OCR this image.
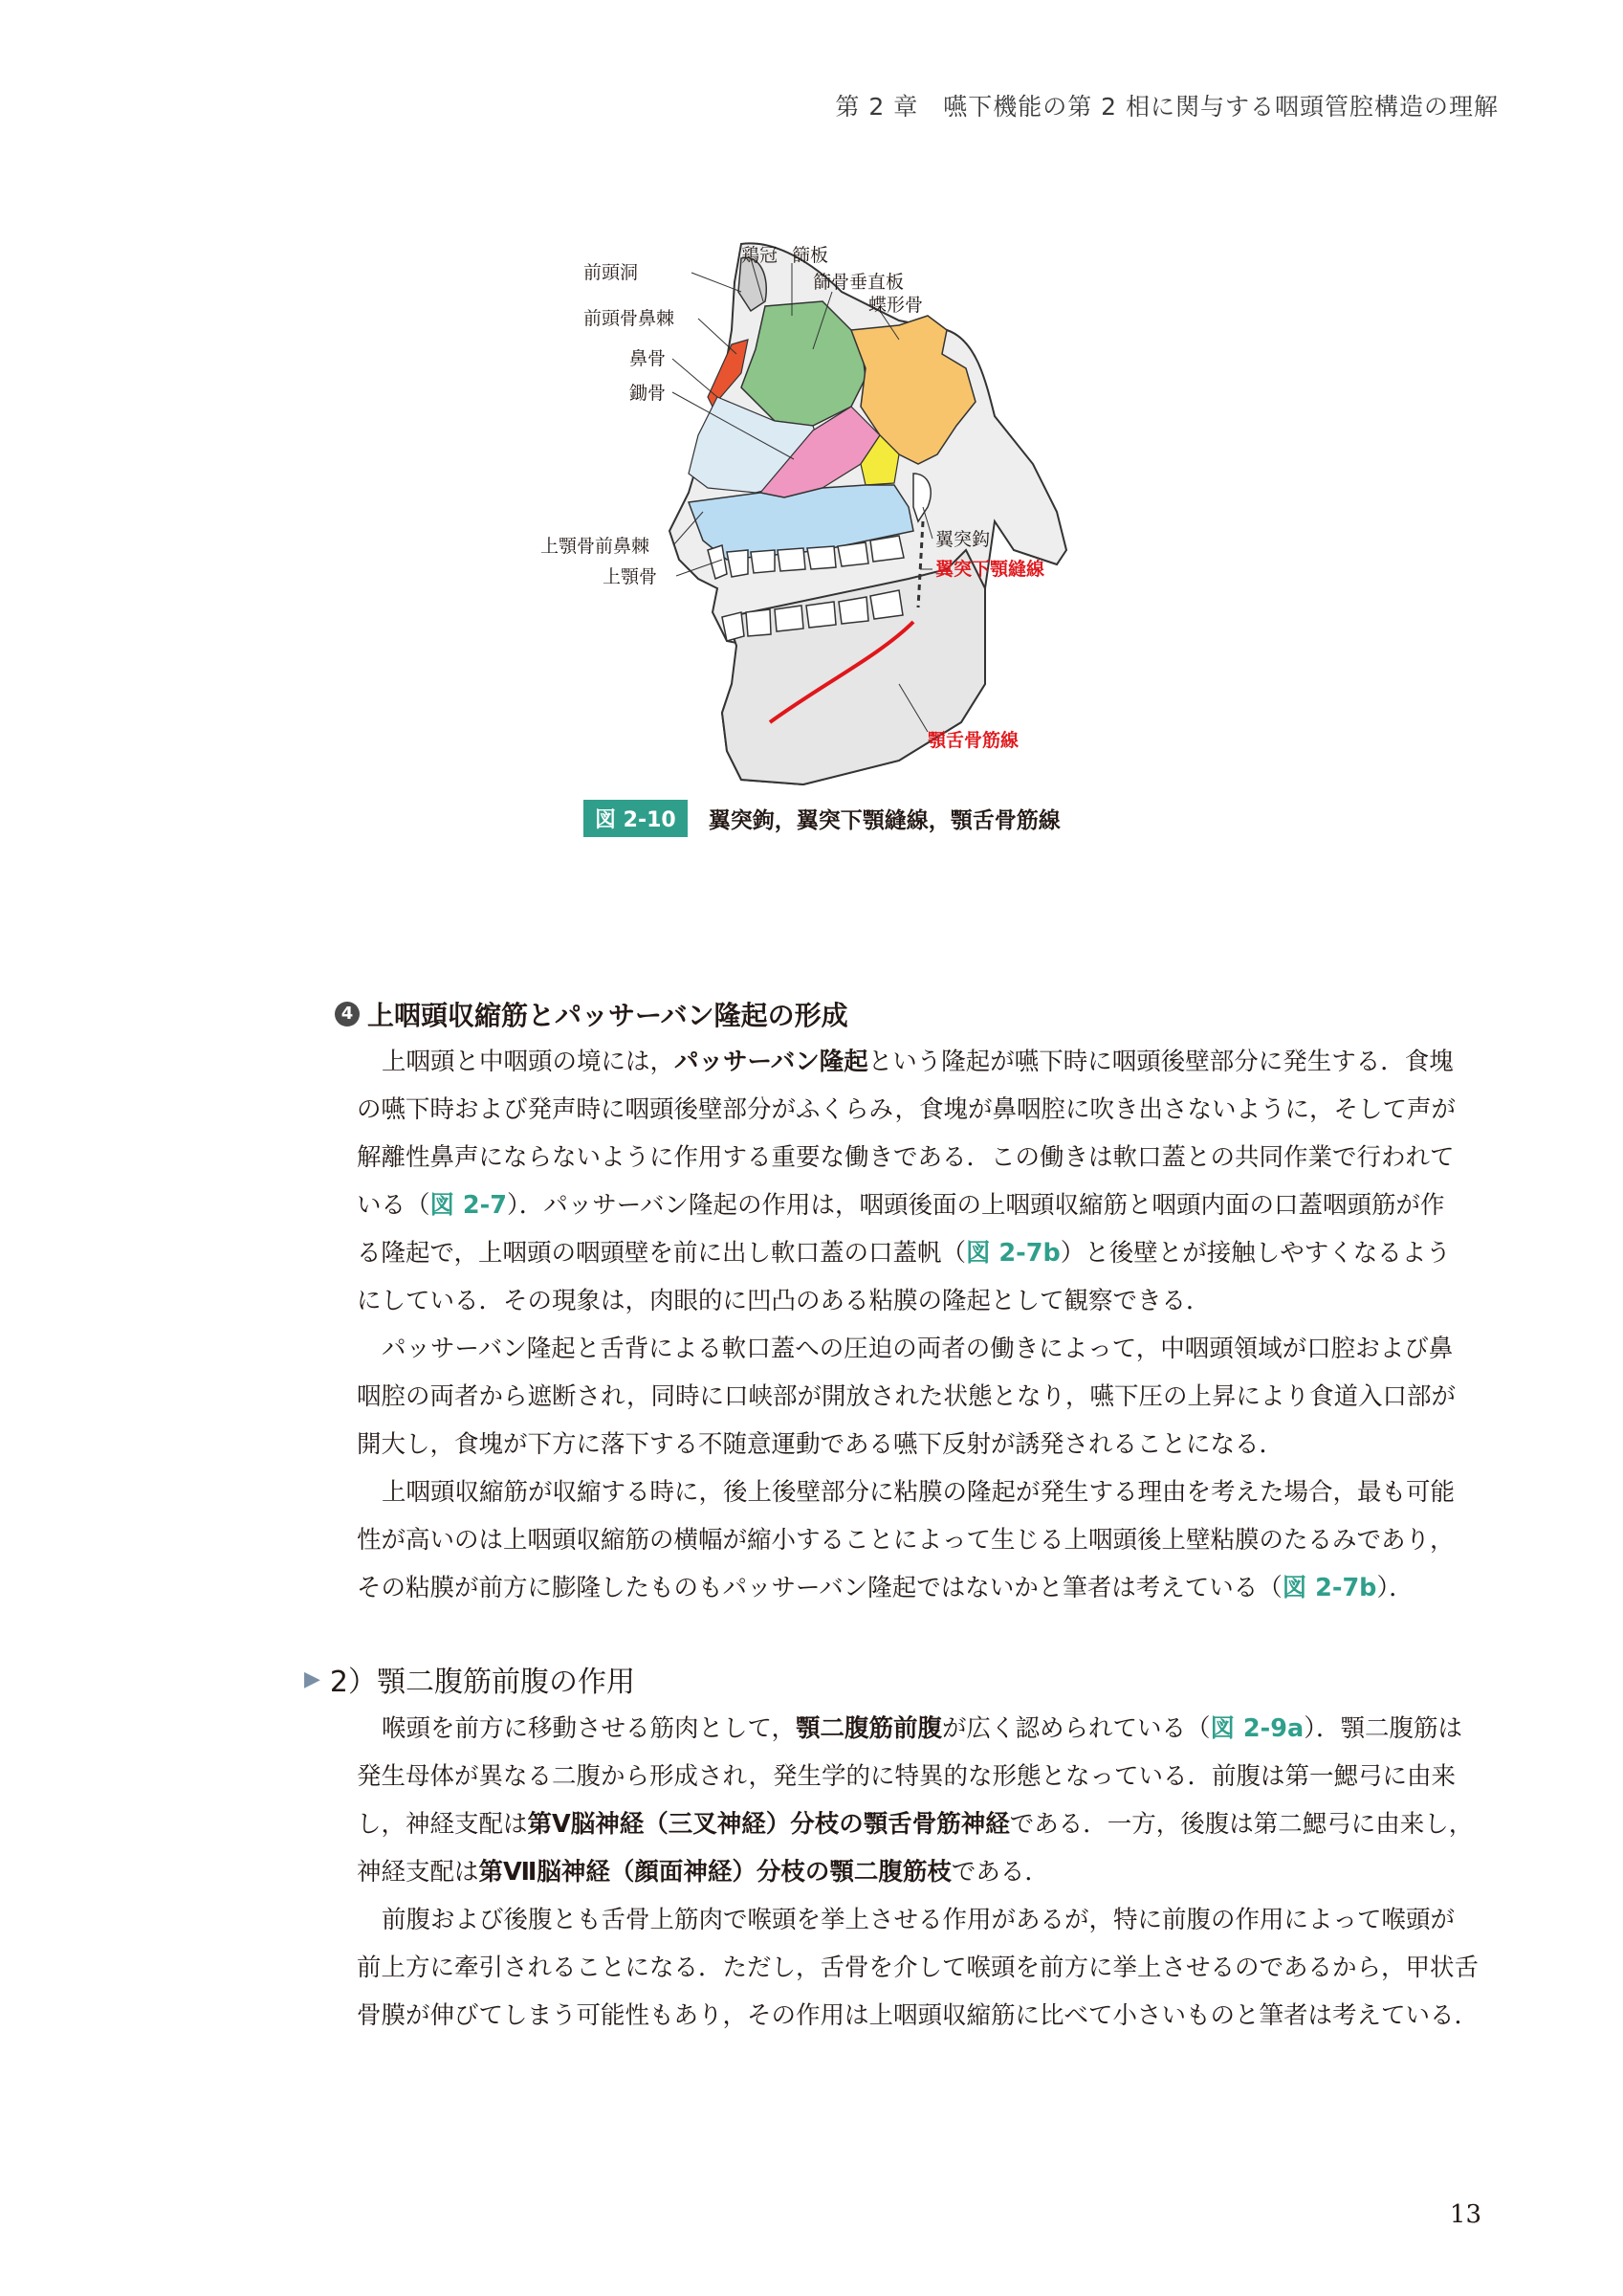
第 2 章　嚥下機能の第 2 相に関与する咽頭管腔構造の理解
前頭洞
鶏冠 篩板
篩骨垂直板
蝶形骨
前頭骨鼻棘
鼻骨
鋤骨
上顎骨前鼻棘
上顎骨
翼突鈎
翼突下顎縫線
顎舌骨筋線
図 2-10	翼突鉤，翼突下顎縫線，顎舌骨筋線
4 上咽頭収縮筋とパッサーバン隆起の形成

上咽頭と中咽頭の境には，パッサーバン隆起という隆起が嚥下時に咽頭後壁部分に発生する．食塊
の嚥下時および発声時に咽頭後壁部分がふくらみ，食塊が鼻咽腔に吹き出さないように，そして声が
解離性鼻声にならないように作用する重要な働きである．この働きは軟口蓋との共同作業で行われて
いる（図 2-7）．パッサーバン隆起の作用は，咽頭後面の上咽頭収縮筋と咽頭内面の口蓋咽頭筋が作
る隆起で，上咽頭の咽頭壁を前に出し軟口蓋の口蓋帆（図 2-7b）と後壁とが接触しやすくなるよう
にしている．その現象は，肉眼的に凹凸のある粘膜の隆起として観察できる．

パッサーバン隆起と舌背による軟口蓋への圧迫の両者の働きによって，中咽頭領域が口腔および鼻
咽腔の両者から遮断され，同時に口峡部が開放された状態となり，嚥下圧の上昇により食道入口部が
開大し，食塊が下方に落下する不随意運動である嚥下反射が誘発されることになる．

上咽頭収縮筋が収縮する時に，後上後壁部分に粘膜の隆起が発生する理由を考えた場合，最も可能
性が高いのは上咽頭収縮筋の横幅が縮小することによって生じる上咽頭後上壁粘膜のたるみであり，
その粘膜が前方に膨隆したものもパッサーバン隆起ではないかと筆者は考えている（図 2-7b）．

▶ 2）顎二腹筋前腹の作用

喉頭を前方に移動させる筋肉として，顎二腹筋前腹が広く認められている（図 2-9a）．顎二腹筋は
発生母体が異なる二腹から形成され，発生学的に特異的な形態となっている．前腹は第一鰓弓に由来
し，神経支配は第Ⅴ脳神経（三叉神経）分枝の顎舌骨筋神経である．一方，後腹は第二鰓弓に由来し，
神経支配は第Ⅶ脳神経（顔面神経）分枝の顎二腹筋枝である．

前腹および後腹とも舌骨上筋肉で喉頭を挙上させる作用があるが，特に前腹の作用によって喉頭が
前上方に牽引されることになる．ただし，舌骨を介して喉頭を前方に挙上させるのであるから，甲状舌
骨膜が伸びてしまう可能性もあり，その作用は上咽頭収縮筋に比べて小さいものと筆者は考えている．

13
